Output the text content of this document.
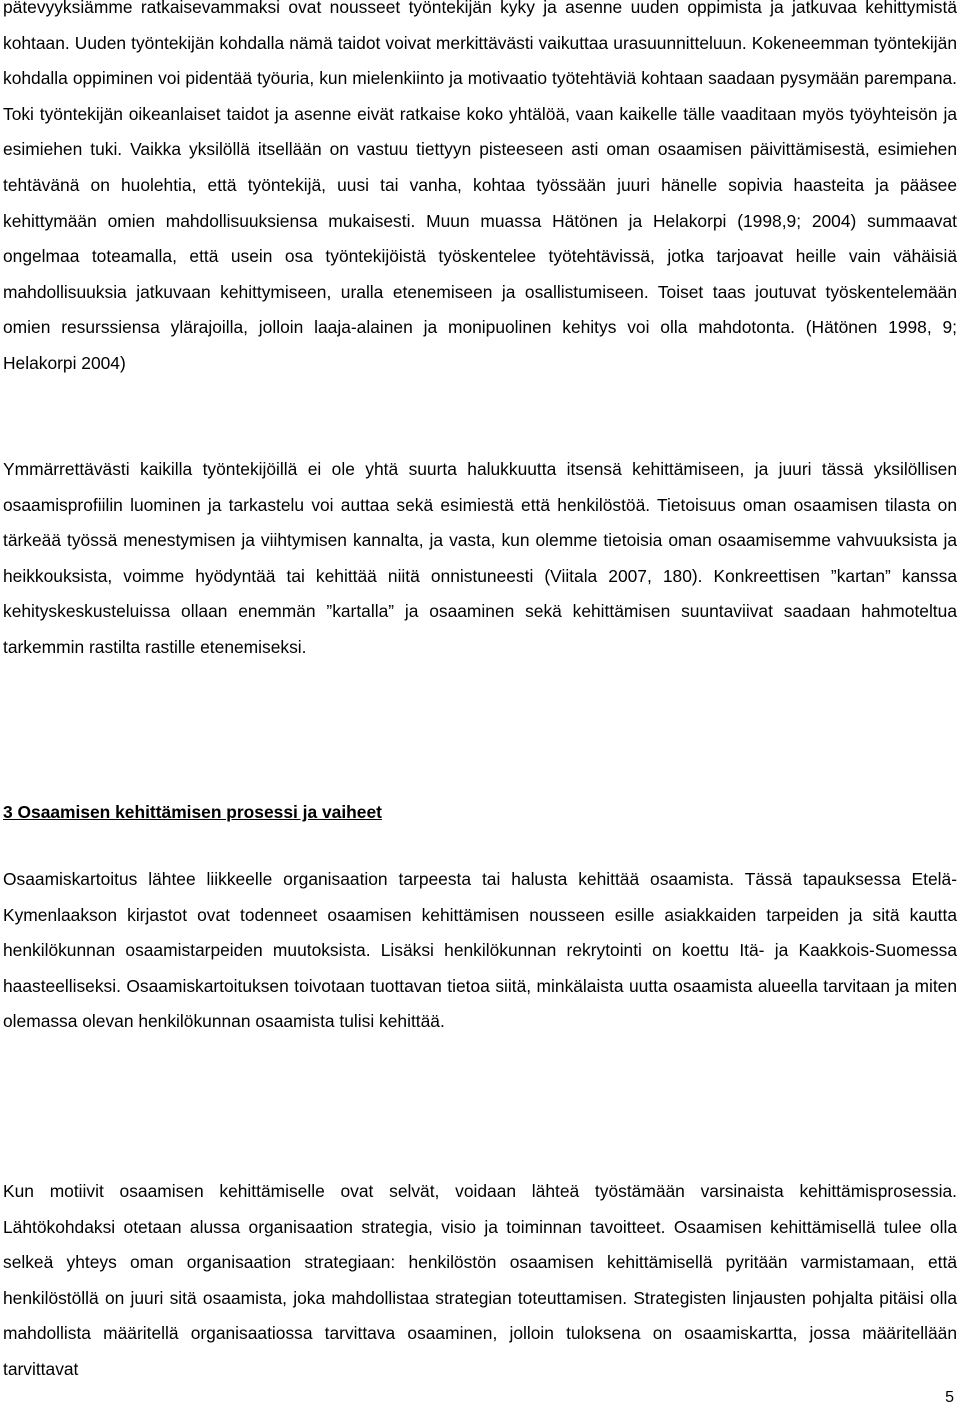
pätevyyksiämme ratkaisevammaksi ovat nousseet työntekijän kyky ja asenne uuden oppimista ja jatkuvaa kehittymistä kohtaan. Uuden työntekijän kohdalla nämä taidot voivat merkittävästi vaikuttaa urasuunnitteluun. Kokeneemman työntekijän kohdalla oppiminen voi pidentää työuria, kun mielenkiinto ja motivaatio työtehtäviä kohtaan saadaan pysymään parempana. Toki työntekijän oikeanlaiset taidot ja asenne eivät ratkaise koko yhtälöä, vaan kaikelle tälle vaaditaan myös työyhteisön ja esimiehen tuki. Vaikka yksilöllä itsellään on vastuu tiettyyn pisteeseen asti oman osaamisen päivittämisestä, esimiehen tehtävänä on huolehtia, että työntekijä, uusi tai vanha, kohtaa työssään juuri hänelle sopivia haasteita ja pääsee kehittymään omien mahdollisuuksiensa mukaisesti. Muun muassa Hätönen ja Helakorpi (1998,9; 2004) summaavat ongelmaa toteamalla, että usein osa työntekijöistä työskentelee työtehtävissä, jotka tarjoavat heille vain vähäisiä mahdollisuuksia jatkuvaan kehittymiseen, uralla etenemiseen ja osallistumiseen. Toiset taas joutuvat työskentelemään omien resurssiensa ylärajoilla, jolloin laaja-alainen ja monipuolinen kehitys voi olla mahdotonta. (Hätönen 1998, 9; Helakorpi 2004)

Ymmärrettävästi kaikilla työntekijöillä ei ole yhtä suurta halukkuutta itsensä kehittämiseen, ja juuri tässä yksilöllisen osaamisprofiilin luominen ja tarkastelu voi auttaa sekä esimiestä että henkilöstöä. Tietoisuus oman osaamisen tilasta on tärkeää työssä menestymisen ja viihtymisen kannalta, ja vasta, kun olemme tietoisia oman osaamisemme vahvuuksista ja heikkouksista, voimme hyödyntää tai kehittää niitä onnistuneesti (Viitala 2007, 180). Konkreettisen ”kartan” kanssa kehityskeskusteluissa ollaan enemmän ”kartalla” ja osaaminen sekä kehittämisen suuntaviivat saadaan hahmoteltua tarkemmin rastilta rastille etenemiseksi.

3 Osaamisen kehittämisen prosessi ja vaiheet

Osaamiskartoitus lähtee liikkeelle organisaation tarpeesta tai halusta kehittää osaamista. Tässä tapauksessa Etelä-Kymenlaakson kirjastot ovat todenneet osaamisen kehittämisen nousseen esille asiakkaiden tarpeiden ja sitä kautta henkilökunnan osaamistarpeiden muutoksista. Lisäksi henkilökunnan rekrytointi on koettu Itä- ja Kaakkois-Suomessa haasteelliseksi. Osaamiskartoituksen toivotaan tuottavan tietoa siitä, minkälaista uutta osaamista alueella tarvitaan ja miten olemassa olevan henkilökunnan osaamista tulisi kehittää.

Kun motiivit osaamisen kehittämiselle ovat selvät, voidaan lähteä työstämään varsinaista kehittämisprosessia. Lähtökohdaksi otetaan alussa organisaation strategia, visio ja toiminnan tavoitteet. Osaamisen kehittämisellä tulee olla selkeä yhteys oman organisaation strategiaan: henkilöstön osaamisen kehittämisellä pyritään varmistamaan, että henkilöstöllä on juuri sitä osaamista, joka mahdollistaa strategian toteuttamisen. Strategisten linjausten pohjalta pitäisi olla mahdollista määritellä organisaatiossa tarvittava osaaminen, jolloin tuloksena on osaamiskartta, jossa määritellään tarvittavat

5
